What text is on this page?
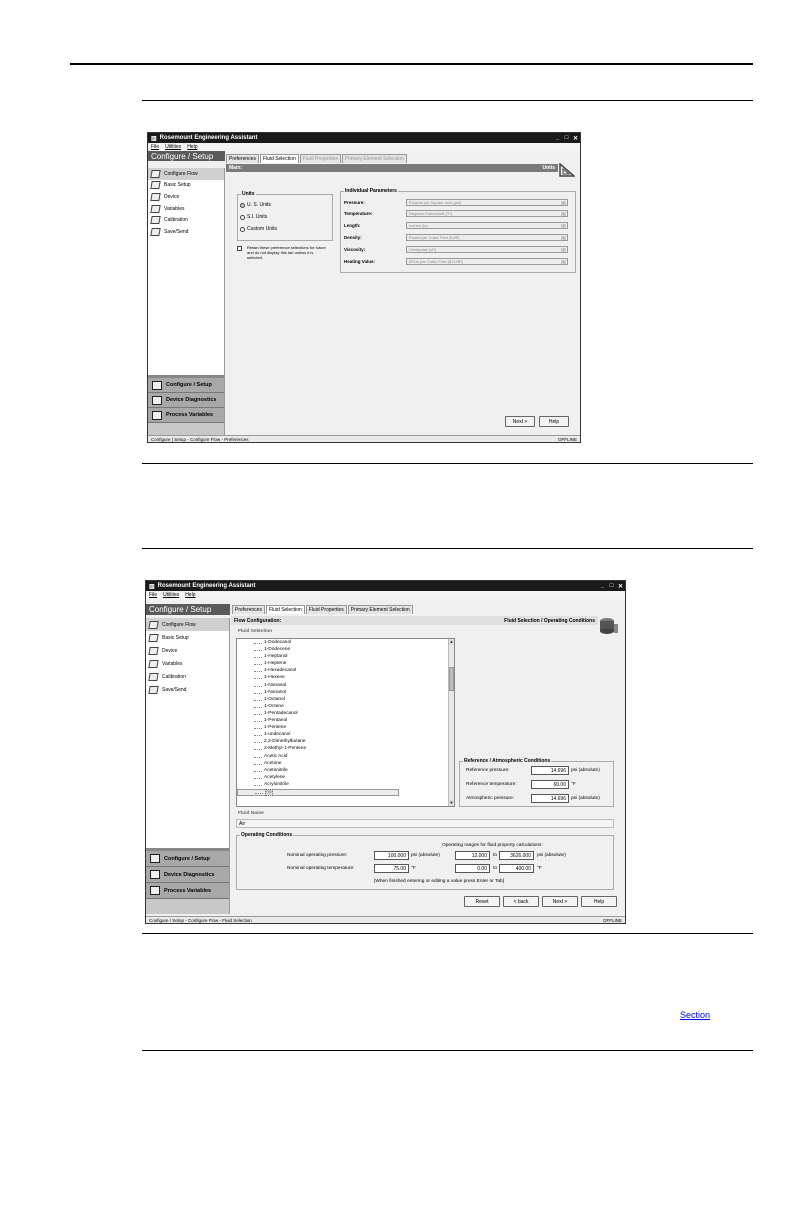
▥ Rosemount Engineering Assistant	_ □ ✕
File Utilities Help
Configure / Setup
Configure Flow
Basic Setup
Device
Variables
Calibration
Save/Send
Configure / Setup
Device Diagnostics
Process Variables
Preferences	Fluid Selection	Fluid Properties	Primary Element Selection
Main:	Units
Units
U. S. Units
S.I. Units
Custom Units
Retain these preference selections for future and do not display this tab unless it is selected.
Individual Parameters
Pressure:	Pounds per Square Inch (psi)	▾
Temperature:	Degrees Fahrenheit (°F)	▾
Length:	Inches (in)	▾
Density:	Pound per Cubic Feet (lb/ft³)	▾
Viscosity:	Centipoise (cP)	▾
Heating Value:	BTUs per Cubic Feet (BTU/ft³)	▾
Next >	Help
Configure | Setup - Configure Flow - Preferences	OFFLINE
▥ Rosemount Engineering Assistant	_ □ ✕
File Utilities Help
Configure / Setup
Configure Flow
Basic Setup
Device
Variables
Calibration
Save/Send
Configure / Setup
Device Diagnostics
Process Variables
Preferences	Fluid Selection	Fluid Properties	Primary Element Selection
Flow Configuration:	Fluid Selection / Operating Conditions
Fluid Selection
1-Dodecanol
1-Dodecene
1-Heptanol
1-Heptene
1-Hexadecanol
1-Hexene
1-Nonanal
1-Nonanol
1-Octanol
1-Octene
1-Pentadecanol
1-Pentanol
1-Pentene
1-undecanol
2,2-Dimethylbutane
2-Methyl-1-Pentene
Acetic Acid
Acetone
Acetonitrile
Acetylene
Acrylonitrile
Air
▲
▼
Reference / Atmospheric Conditions
Reference pressure:	14.696	psi (absolute)
Reference temperature:	60.00	°F
Atmospheric pressure:	14.696	psi (absolute)
Fluid Name
Air
Operating Conditions
Operating ranges for fluid property calculations:
Nominal operating pressure:	100.000	psi (absolute)	12.000	to	3626.000	psi (absolute)
Nominal operating temperature:	75.00	°F	0.00	to	400.00	°F
[When finished entering or editing a value press Enter or Tab]
Reset	< back	Next >	Help
Configure / Setup - Configure Flow - Fluid Selection	OFFLINE
Section
